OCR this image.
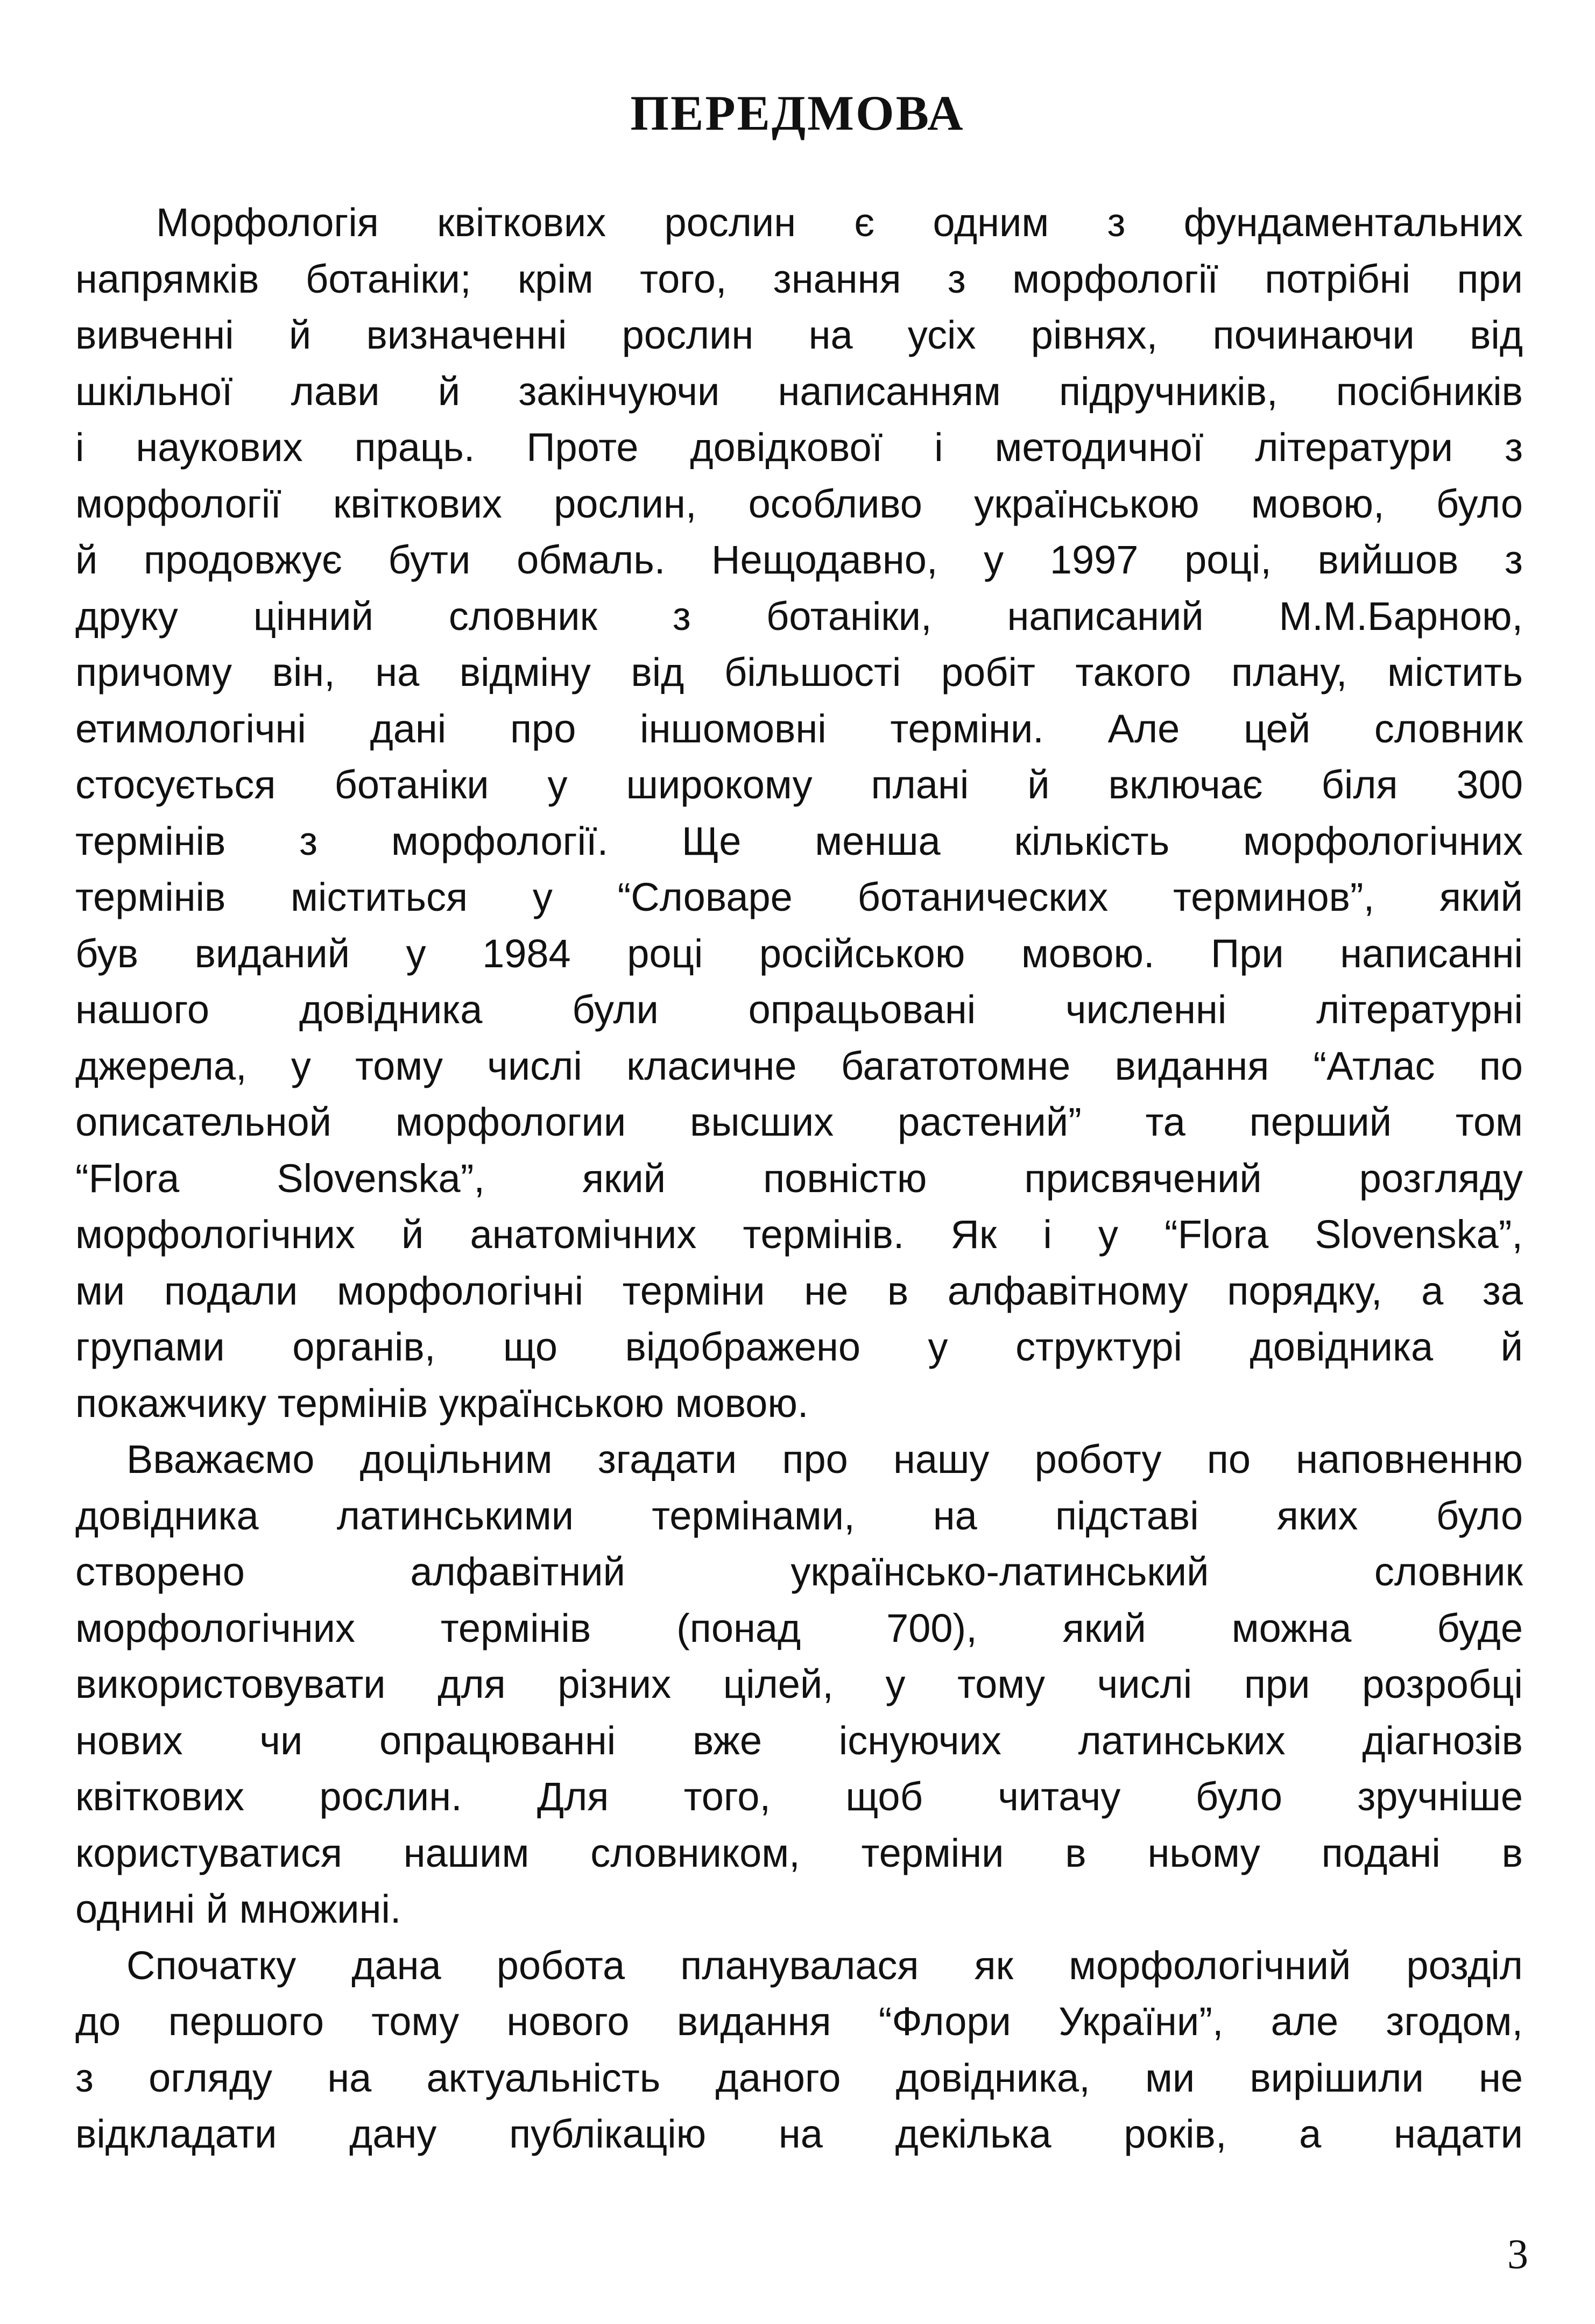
ПЕРЕДМОВА

Морфологія квіткових рослин є одним з фундаментальних
напрямків ботаніки; крім того, знання з морфології потрібні при
вивченні й визначенні рослин на усіх рівнях, починаючи від
шкільної лави й закінчуючи написанням підручників, посібників
і наукових праць. Проте довідкової і методичної літератури з
морфології квіткових рослин, особливо українською мовою, було
й продовжує бути обмаль. Нещодавно, у 1997 році, вийшов з
друку цінний словник з ботаніки, написаний М.М.Барною,
причому він, на відміну від більшості робіт такого плану, містить
етимологічні дані про іншомовні терміни. Але цей словник
стосується ботаніки у широкому плані й включає біля 300
термінів з морфології. Ще менша кількість морфологічних
термінів міститься у “Словаре ботанических терминов”, який
був виданий у 1984 році російською мовою. При написанні
нашого довідника були опрацьовані численні літературні
джерела, у тому числі класичне багатотомне видання “Атлас по
описательной морфологии высших растений” та перший том
“Flora Slovenska”, який повністю присвячений розгляду
морфологічних й анатомічних термінів. Як і у “Flora Slovenska”,
ми подали морфологічні терміни не в алфавітному порядку, а за
групами органів, що відображено у структурі довідника й
покажчику термінів українською мовою.

Вважаємо доцільним згадати про нашу роботу по наповненню
довідника латинськими термінами, на підставі яких було
створено алфавітний українсько-латинський словник
морфологічних термінів (понад 700), який можна буде
використовувати для різних цілей, у тому числі при розробці
нових чи опрацюванні вже існуючих латинських діагнозів
квіткових рослин. Для того, щоб читачу було зручніше
користуватися нашим словником, терміни в ньому подані в
однині й множині.

Спочатку дана робота планувалася як морфологічний розділ
до першого тому нового видання “Флори України”, але згодом,
з огляду на актуальність даного довідника, ми вирішили не
відкладати дану публікацію на декілька років, а надати

3
